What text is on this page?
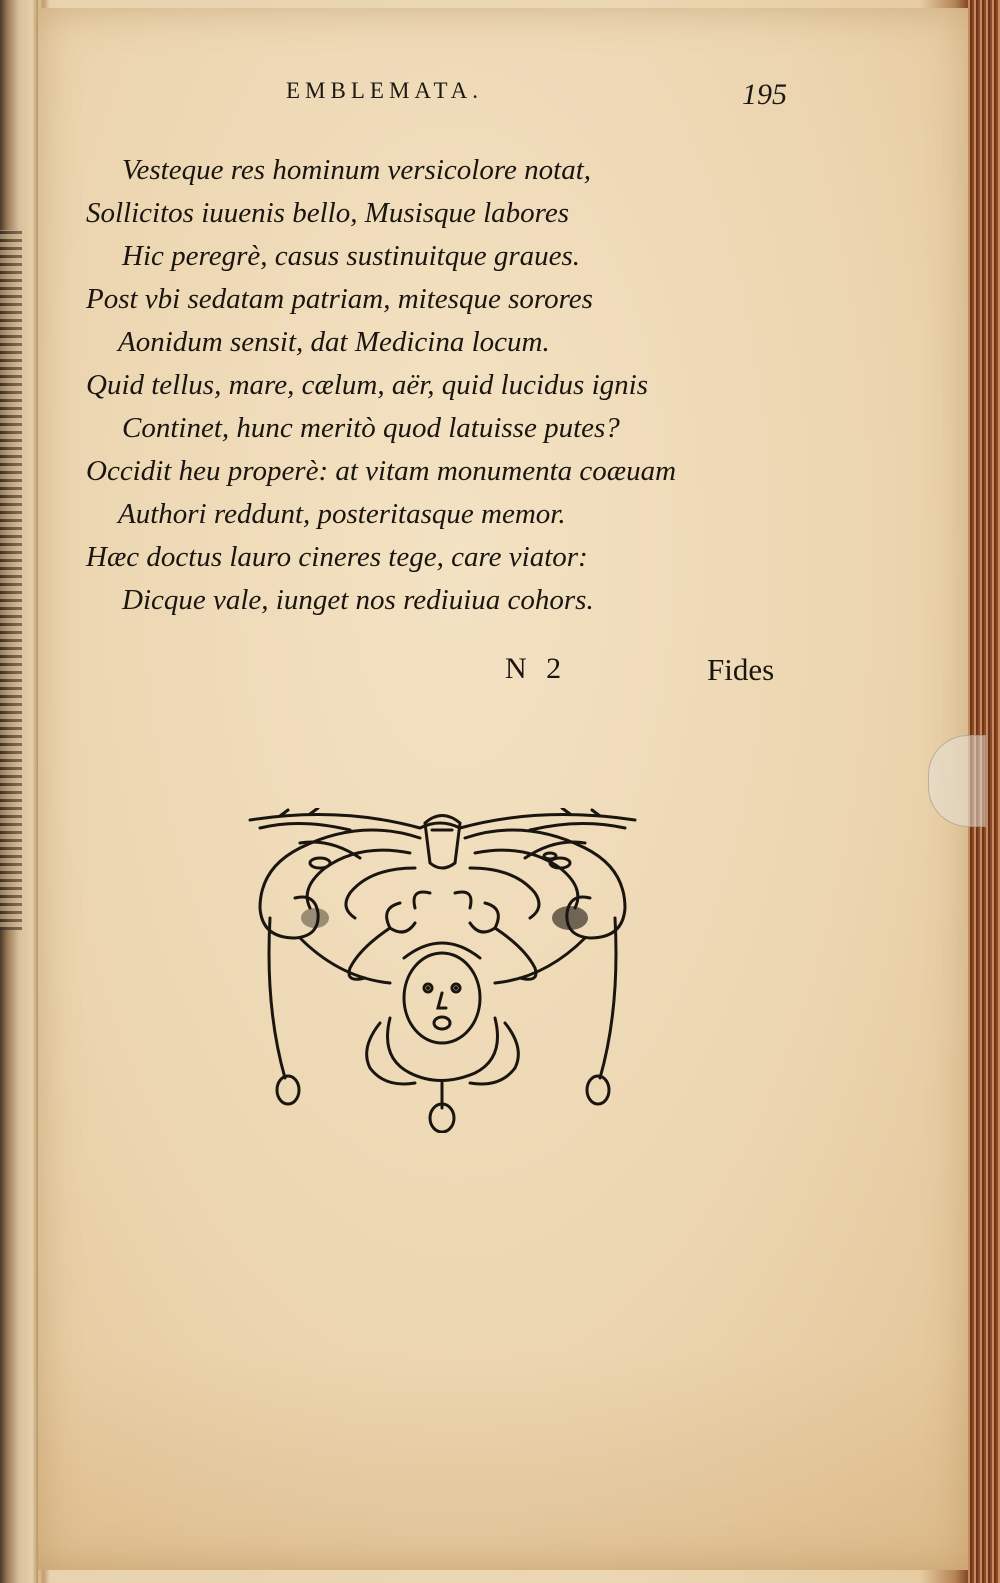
EMBLEMATA.	195
Vesteque res hominum versicolore notat,
Sollicitos iuuenis bello, Musisque labores
Hic peregrè, casus sustinuitque graues.
Post vbi sedatam patriam, mitesque sorores
Aonidum sensit, dat Medicina locum.
Quid tellus, mare, cælum, aër, quid lucidus ignis
Continet, hunc meritò quod latuisse putes?
Occidit heu properè: at vitam monumenta coæuam
Authori reddunt, posteritasque memor.
Hæc doctus lauro cineres tege, care viator:
Dicque vale, iunget nos rediuiua cohors.
N 2	Fides
